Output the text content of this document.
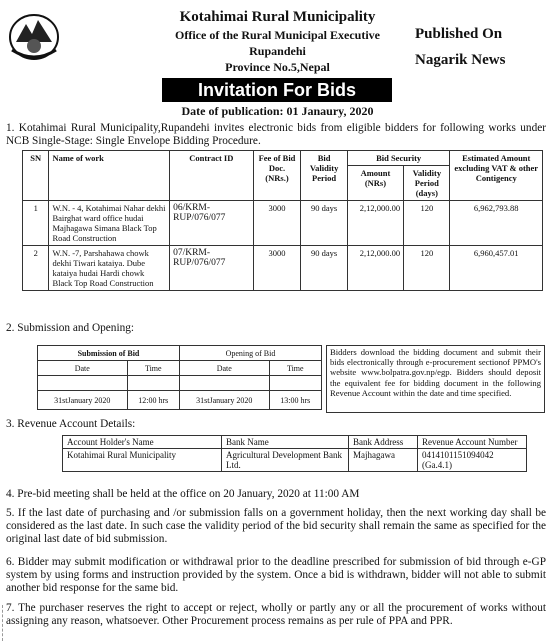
Kotahimai Rural Municipality
Office of the Rural Municipal Executive
Rupandehi
Province No.5,Nepal
Published On
Nagarik News
Invitation For Bids
Date of publication: 01 Janaury, 2020
1. Kotahimai Rural Municipality,Rupandehi invites electronic bids from eligible bidders for following works under NCB Single-Stage: Single Envelope Bidding Procedure.
SN	Name of work	Contract ID	Fee of Bid Doc. (NRs.)	Bid Validity Period	Bid Security		Estimated Amount excluding VAT & other Contigency
					Amount (NRs)	Validity Period (days)	
1	W.N. - 4, Kotahimai Nahar dekhi Bairghat ward office hudai Majhagawa Simana Black Top Road Construction	06/KRM-RUP/076/077	3000	90 days	2,12,000.00	120	6,962,793.88
2	W.N. -7, Parshahawa chowk dekhi Tiwari kataiya. Dube kataiya hudai Hardi chowk Black Top Road Construction	07/KRM-RUP/076/077	3000	90 days	2,12,000.00	120	6,960,457.01
2. Submission and Opening:
Submission of Bid		Opening of Bid	
Date	Time	Date	Time

31stJanuary 2020	12:00 hrs	31stJanuary 2020	13:00 hrs
Bidders download the bidding document and submit their bids electronically through e-procurement sectionof PPMO's website www.bolpatra.gov.np/egp. Bidders should deposit the equivalent fee for bidding document in the following Revenue Account within the date and time specified.
3. Revenue Account Details:
Account Holder's Name	Bank Name	Bank Address	Revenue Account Number
Kotahimai Rural Municipality	Agricultural Development Bank Ltd.	Majhagawa	0414101151094042 (Ga.4.1)
4. Pre-bid meeting shall be held at the office on 20 January, 2020 at 11:00 AM
5. If the last date of purchasing and /or submission falls on a government holiday, then the next working day shall be considered as the last date. In such case the validity period of the bid security shall remain the same as specified for the original last date of bid submission.
6. Bidder may submit modification or withdrawal prior to the deadline prescribed for submission of bid through e-GP system by using forms and instruction provided by the system. Once a bid is withdrawn, bidder will not able to submit another bid response for the same bid.
7. The purchaser reserves the right to accept or reject, wholly or partly any or all the procurement of works without assigning any reason, whatsoever. Other Procurement process remains as per rule of PPA and PPR.
